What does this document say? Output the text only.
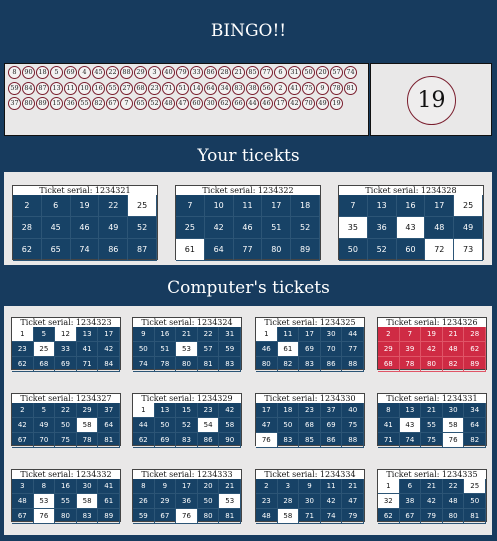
BINGO!!
8	90 18	5	69	4	45 22 88 29	3	40 79 33 86 28 21 85 77	6	31 50 20 57 74
59 84 87 13 11 10 16 55 27 68 23 71 51 14 64 34 83 38 56	2	41 75	9	78 81
37 80 89 15 36 55 82 67	7	65 52 48 47 60 30 62 66 44 46 17 42 70 49 19	19
Your ticekts
Ticket serial: 1234321
2	6	19	22	25
28	45	46	49	52
62	65	74	86	87
Ticket serial: 1234322
7	10	11	17	18
25	42	46	51	52
61	64	77	80	89
Ticket serial: 1234328
7	13	16	17	25
35	36	43	48	49
50	52	60	72	73
Computer's tickets
Ticket serial: 1234323
1	5	12	13	17
23	25	33	41	42
62	68	69	71	84
Ticket serial: 1234324
9	16	21	22	31
50	51	53	57	59
74	78	80	81	83
Ticket serial: 1234325
1	11	17	30	44
46	61	69	70	77
80	82	83	86	88
Ticket serial: 1234326
2	7	19	21	28
29	39	42	48	62
68	78	80	82	89
Ticket serial: 1234327
2	5	22	29	37
42	49	50	58	64
67	70	75	78	81
Ticket serial: 1234329
1	13	15	23	42
44	50	52	54	58
62	69	83	86	90
Ticket serial: 1234330
17	18	23	37	40
47	50	68	69	75
76	83	85	86	88
Ticket serial: 1234331
8	13	21	30	34
41	43	55	58	64
71	74	75	76	82
Ticket serial: 1234332
3	8	16	30	41
48	53	55	58	61
67	76	80	83	89
Ticket serial: 1234333
8	9	17	20	21
26	29	36	50	53
59	67	76	80	81
Ticket serial: 1234334
2	3	9	11	21
23	28	30	42	47
48	58	71	74	79
Ticket serial: 1234335
1	6	21	22	25
32	38	42	48	50
62	67	79	80	81
